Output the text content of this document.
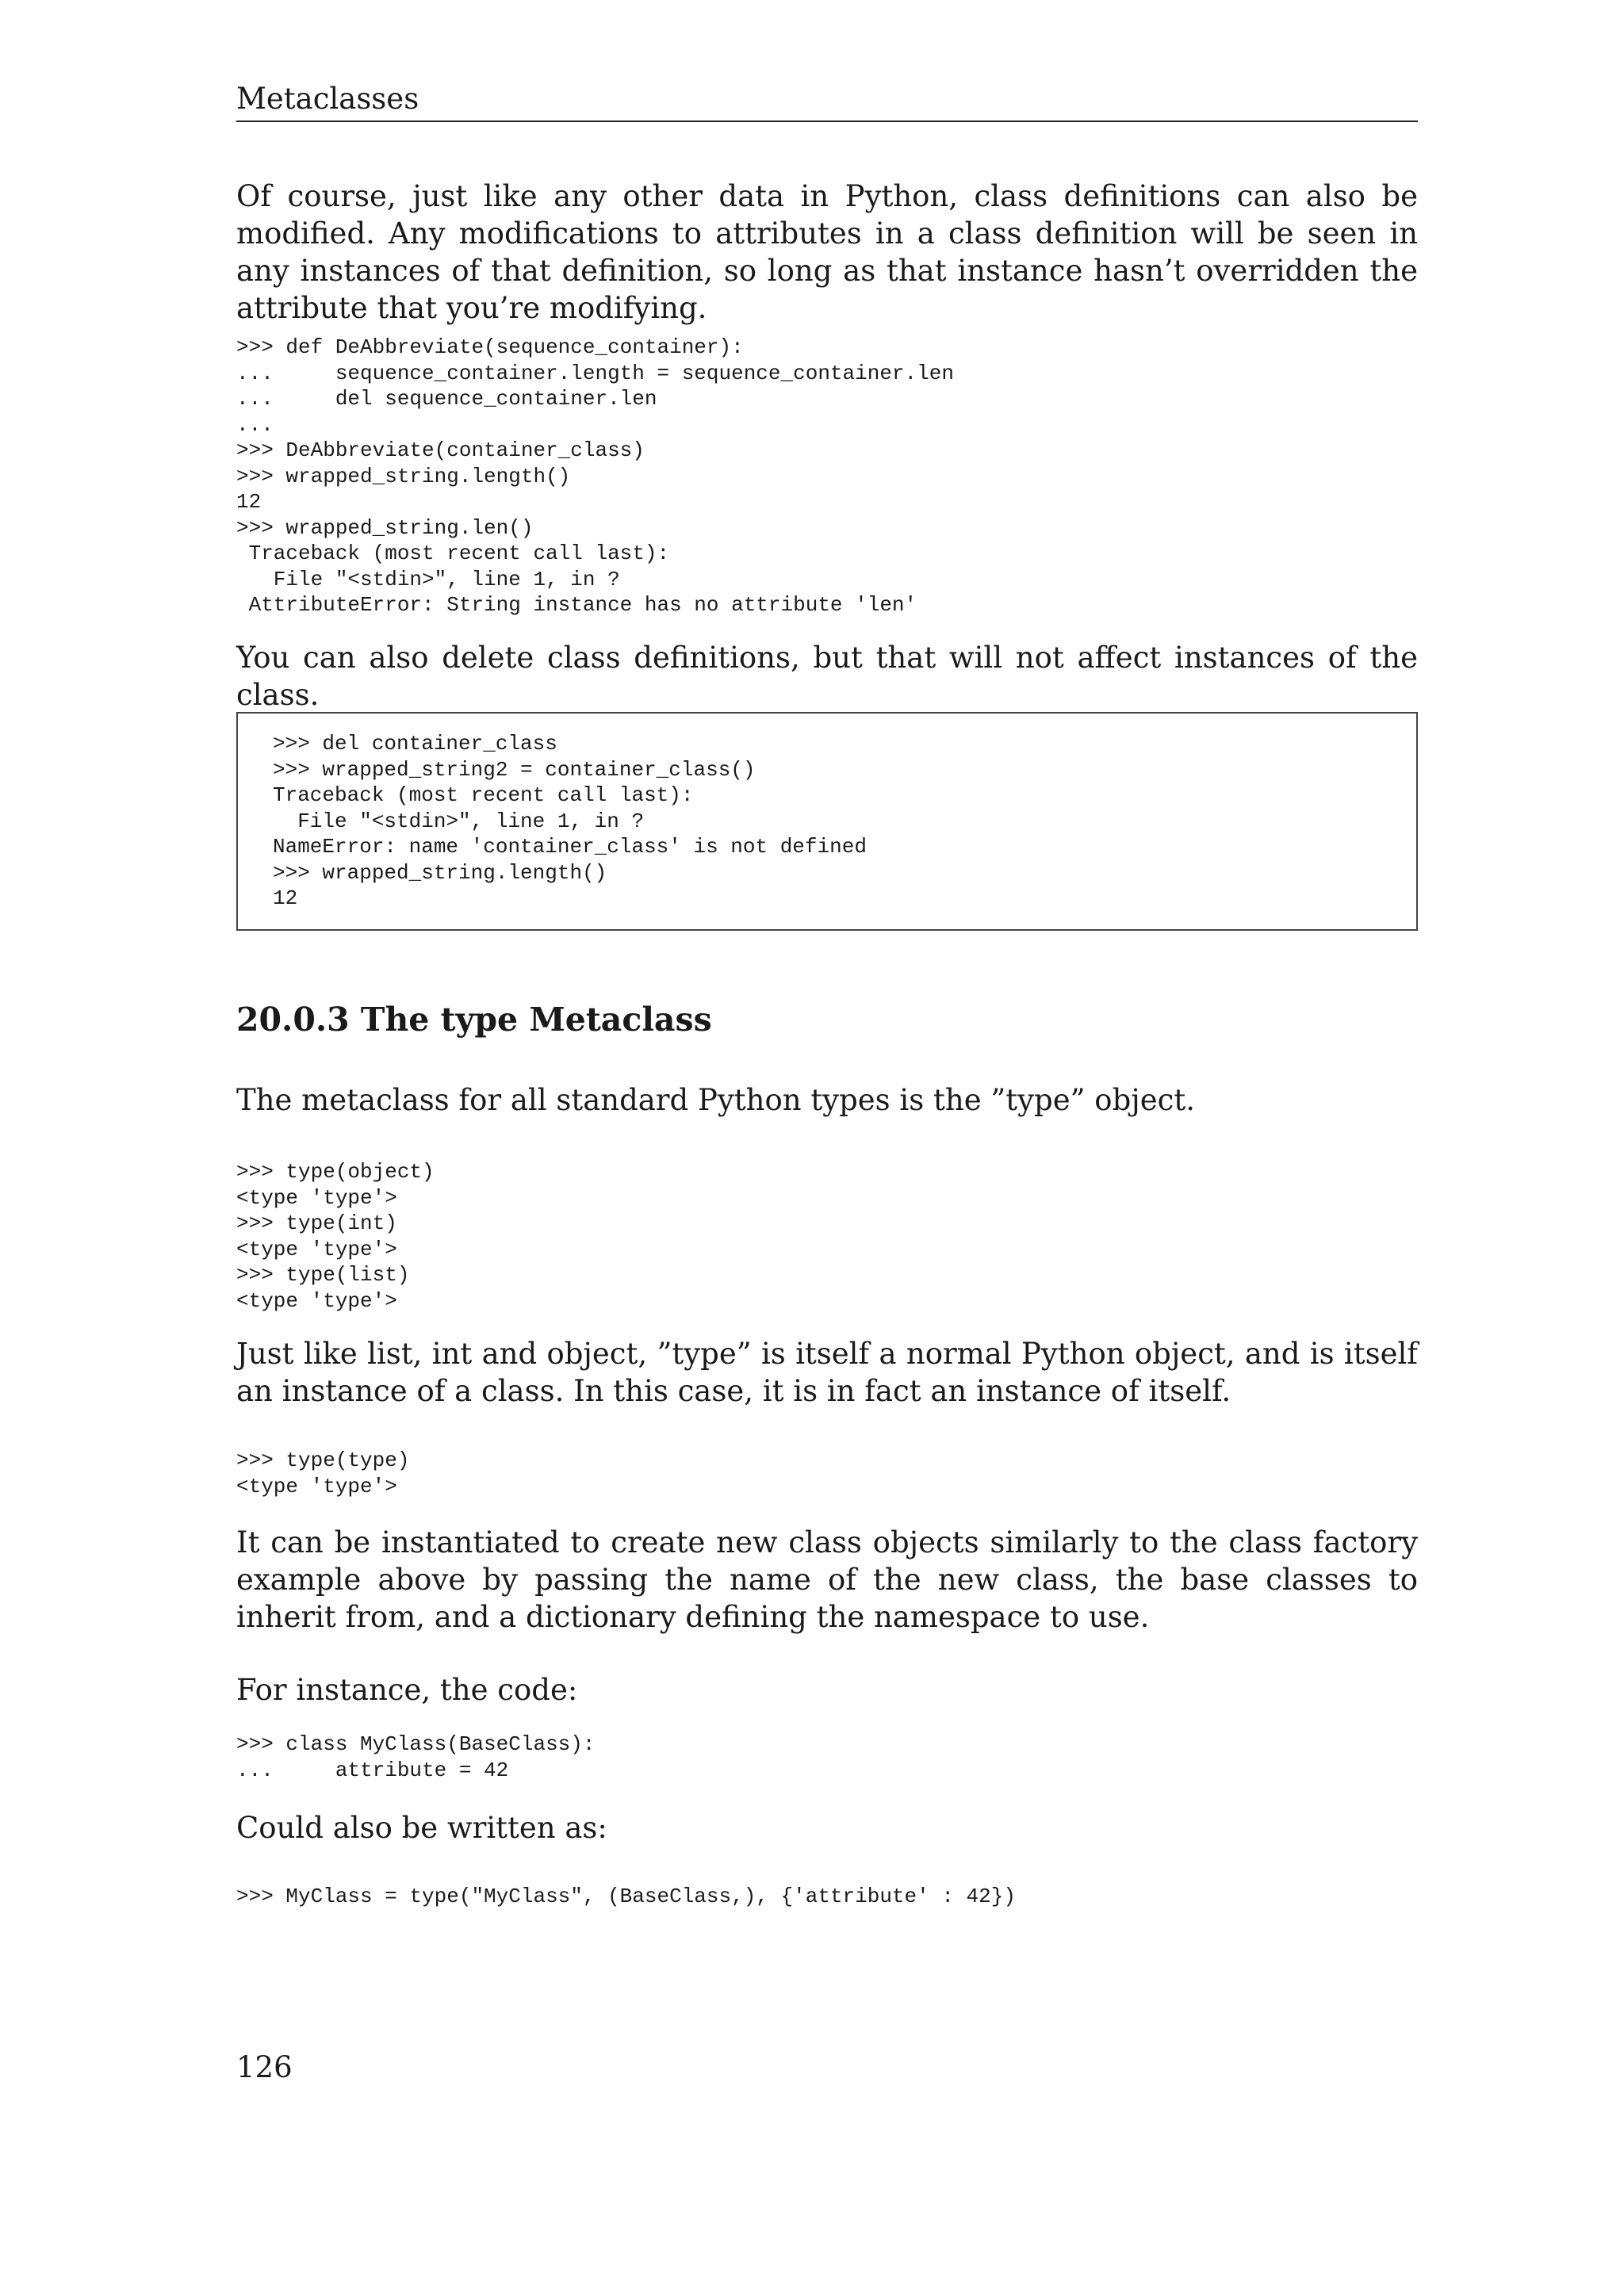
Metaclasses

Of course, just like any other data in Python, class definitions can also be modified. Any modifications to attributes in a class definition will be seen in any instances of that definition, so long as that instance hasn’t overridden the attribute that you’re modifying.

>>> def DeAbbreviate(sequence_container):
...     sequence_container.length = sequence_container.len
...     del sequence_container.len
...
>>> DeAbbreviate(container_class)
>>> wrapped_string.length()
12
>>> wrapped_string.len()
Traceback (most recent call last):
File "<stdin>", line 1, in ?
AttributeError: String instance has no attribute 'len'

You can also delete class definitions, but that will not affect instances of the class.

>>> del container_class
>>> wrapped_string2 = container_class()
Traceback (most recent call last):
File "<stdin>", line 1, in ?
NameError: name 'container_class' is not defined
>>> wrapped_string.length()
12
20.0.3 The type Metaclass

The metaclass for all standard Python types is the ”type” object.

>>> type(object)
<type 'type'>
>>> type(int)
<type 'type'>
>>> type(list)
<type 'type'>

Just like list, int and object, ”type” is itself a normal Python object, and is itself an instance of a class. In this case, it is in fact an instance of itself.

>>> type(type)
<type 'type'>

It can be instantiated to create new class objects similarly to the class factory example above by passing the name of the new class, the base classes to inherit from, and a dictionary defining the namespace to use.

For instance, the code:

>>> class MyClass(BaseClass):
...     attribute = 42

Could also be written as:

>>> MyClass = type("MyClass", (BaseClass,), {'attribute' : 42})
126
